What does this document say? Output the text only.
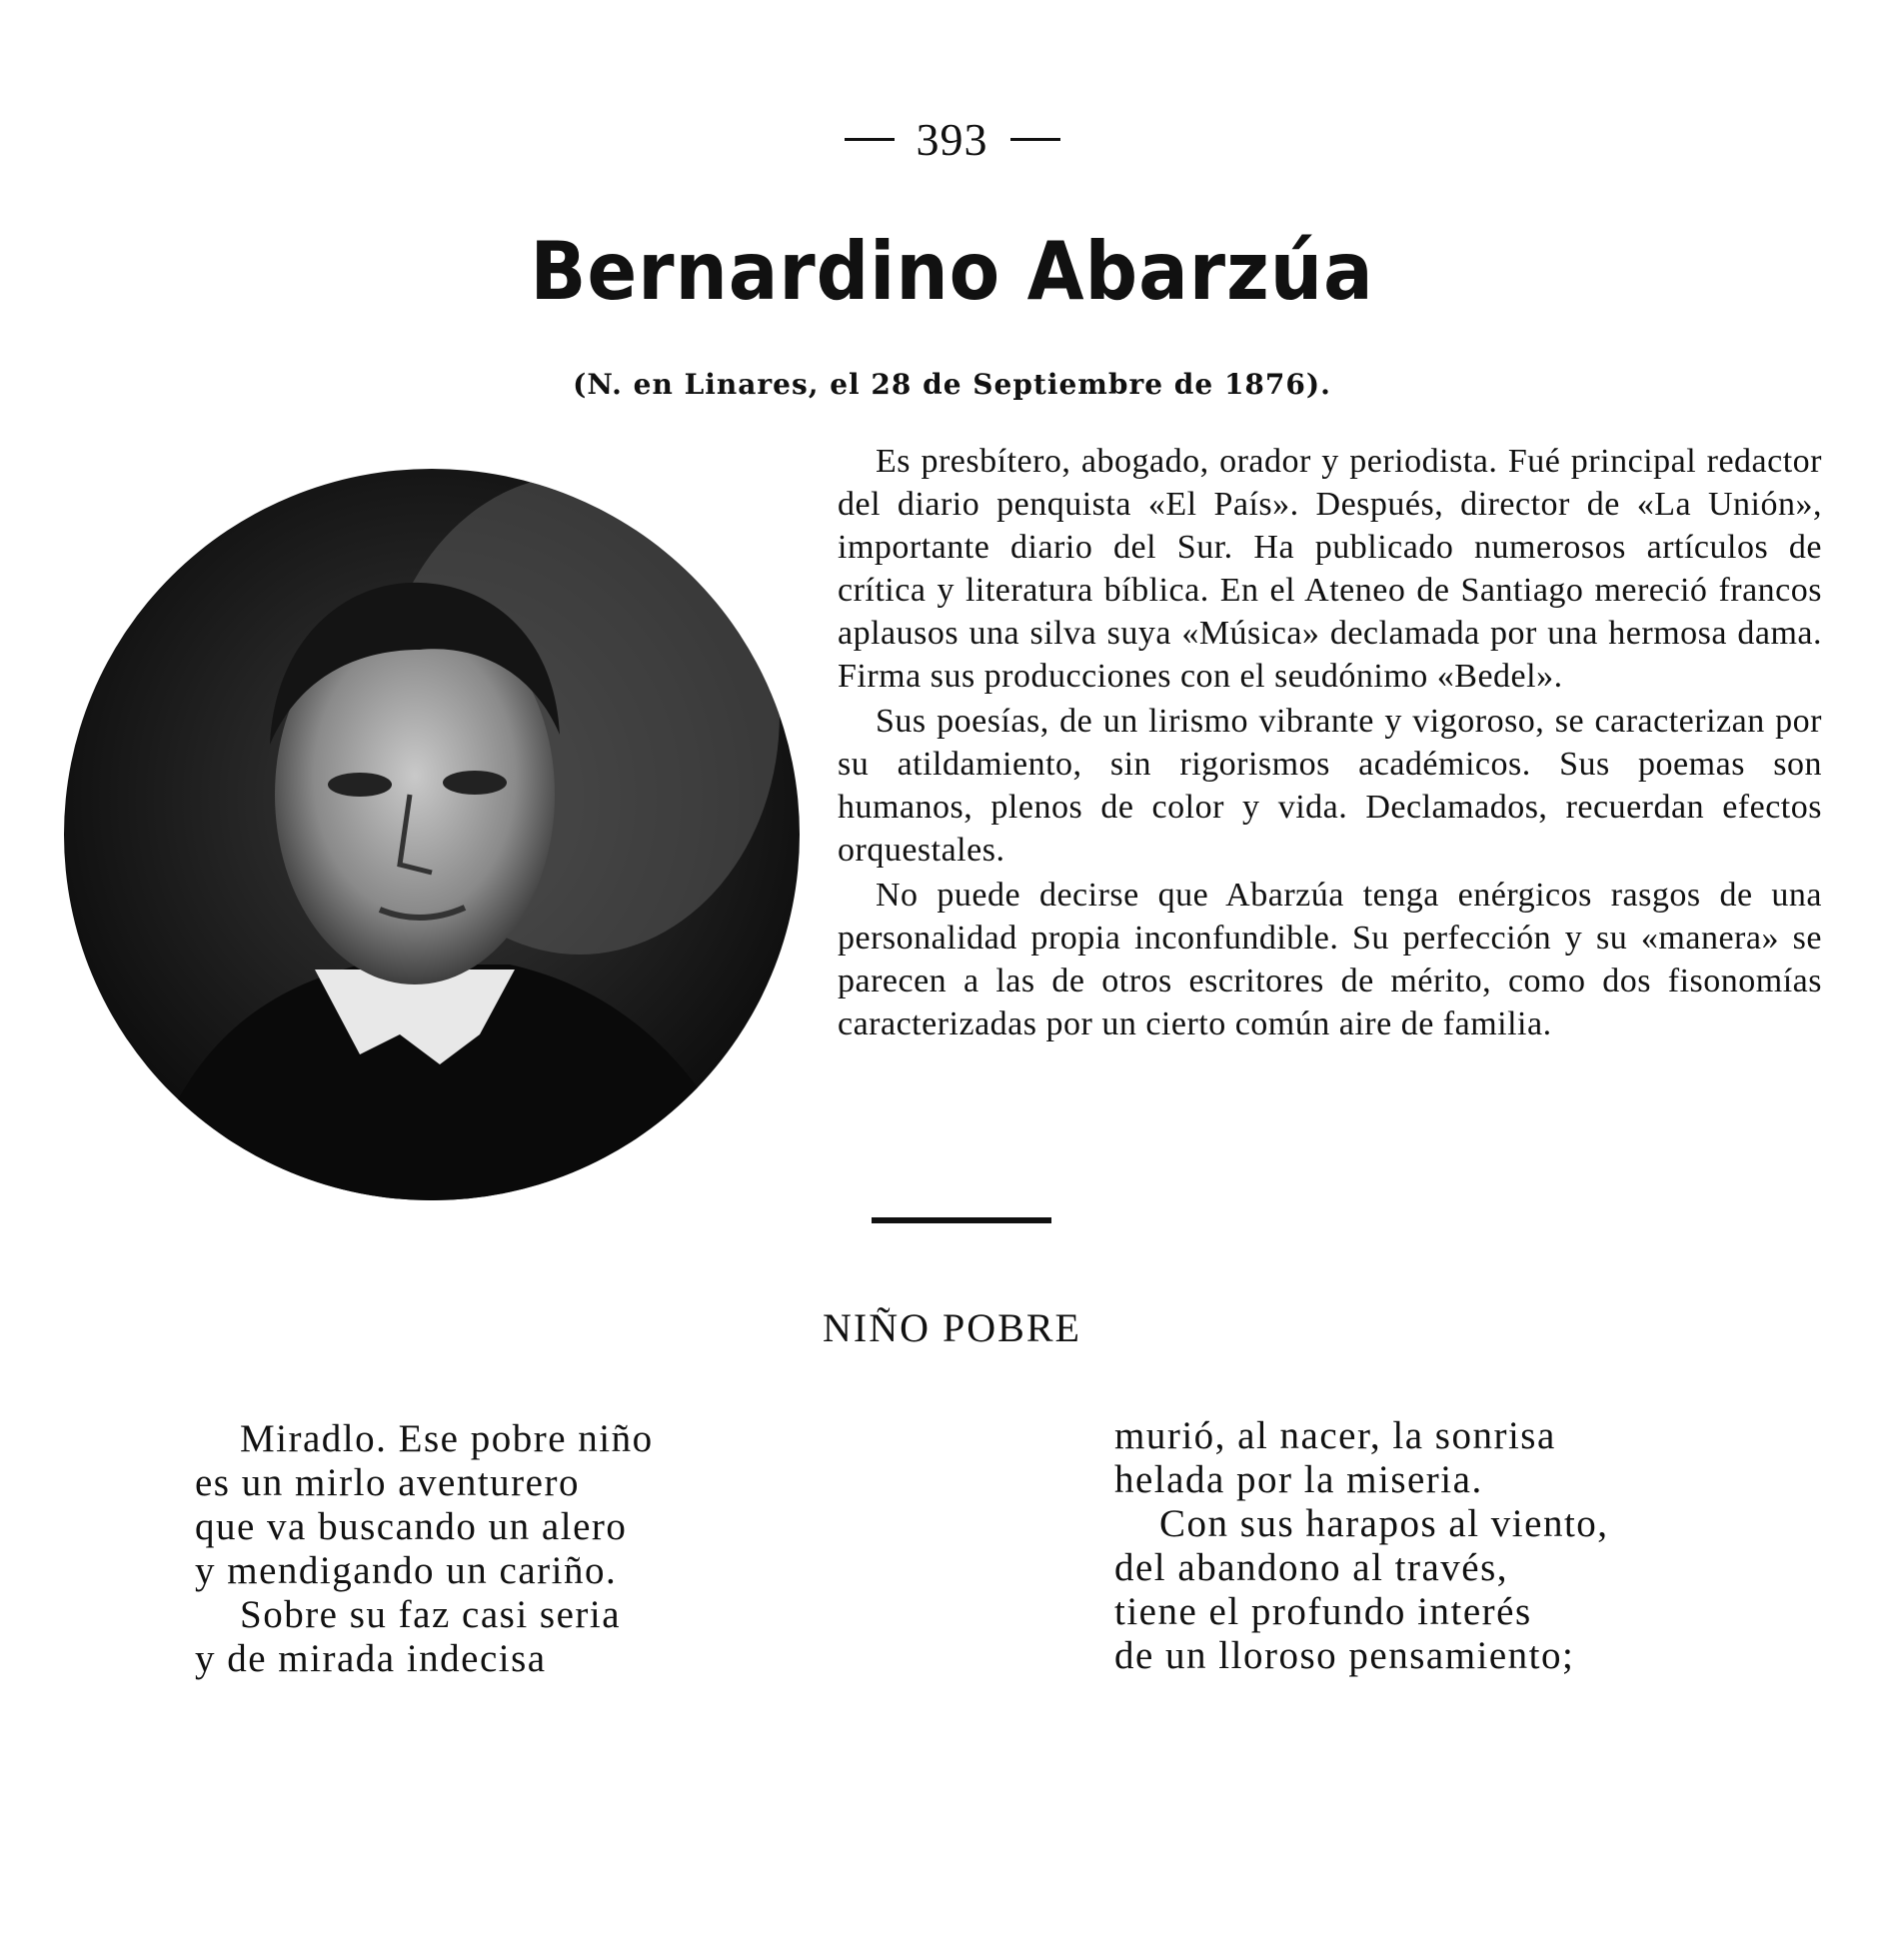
393
Bernardino Abarzúa
(N. en Linares, el 28 de Septiembre de 1876).

Es presbítero, abogado, orador y periodista. Fué principal redactor del diario penquista «El País». Después, director de «La Unión», importante diario del Sur. Ha publicado numerosos artículos de crítica y literatura bíblica. En el Ateneo de Santiago mereció francos aplausos una silva suya «Música» declamada por una hermosa dama. Firma sus producciones con el seudónimo «Bedel».

Sus poesías, de un lirismo vibrante y vigoroso, se caracterizan por su atildamiento, sin rigorismos académicos. Sus poemas son humanos, plenos de color y vida. Declamados, recuerdan efectos orquestales.

No puede decirse que Abarzúa tenga enérgicos rasgos de una personalidad propia inconfundible. Su perfección y su «manera» se parecen a las de otros escritores de mérito, como dos fisonomías caracterizadas por un cierto común aire de familia.

NIÑO POBRE
Miradlo. Ese pobre niño
es un mirlo aventurero
que va buscando un alero
y mendigando un cariño.
Sobre su faz casi seria
y de mirada indecisa
murió, al nacer, la sonrisa
helada por la miseria.
Con sus harapos al viento,
del abandono al través,
tiene el profundo interés
de un lloroso pensamiento;
